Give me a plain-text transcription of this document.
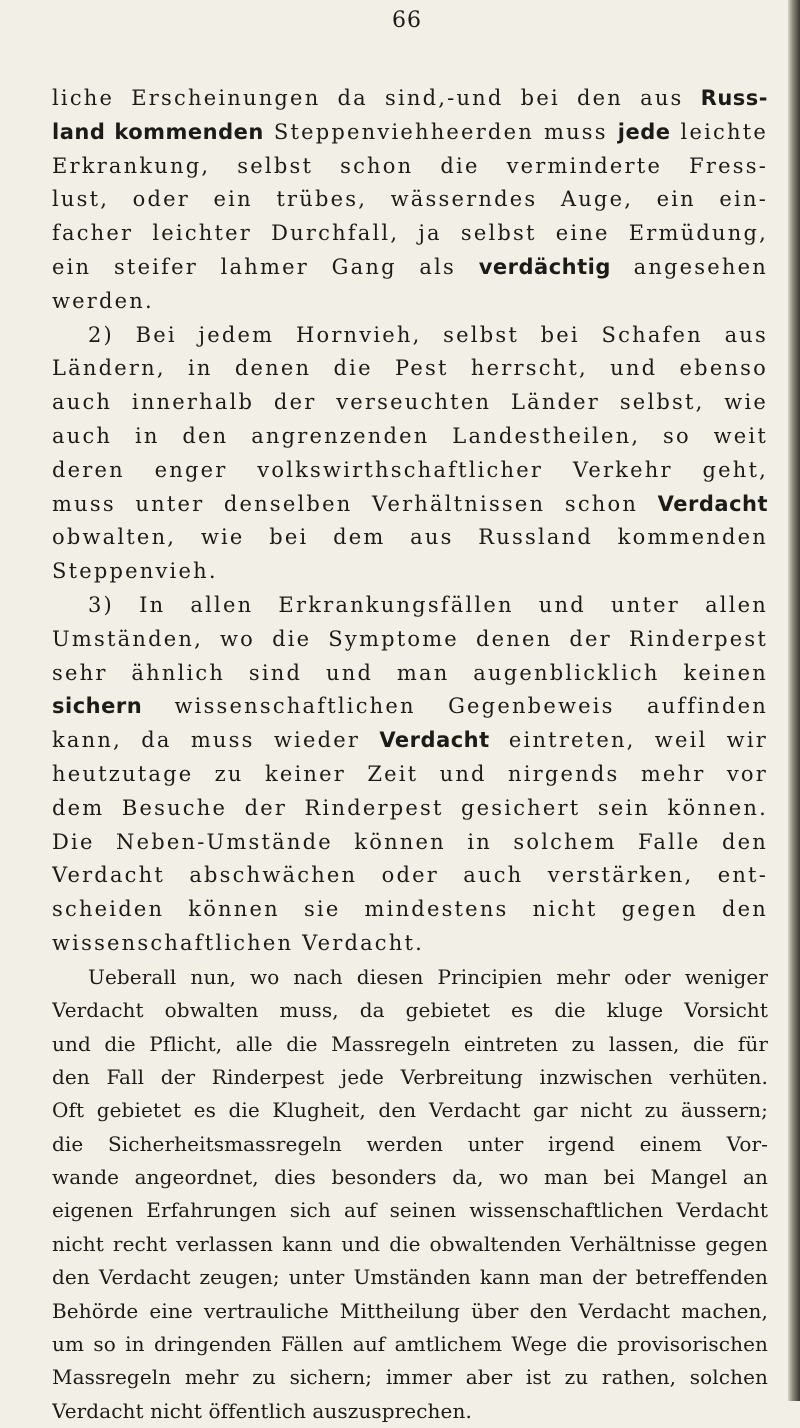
66
liche Erscheinungen da sind,-und bei den aus Russ-
land kommenden Steppenviehheerden muss jede leichte
Erkrankung, selbst schon die verminderte Fress-
lust, oder ein trübes, wässerndes Auge, ein ein-
facher leichter Durchfall, ja selbst eine Ermüdung,
ein steifer lahmer Gang als verdächtig angesehen
werden.
2) Bei jedem Hornvieh, selbst bei Schafen aus
Ländern, in denen die Pest herrscht, und ebenso
auch innerhalb der verseuchten Länder selbst, wie
auch in den angrenzenden Landestheilen, so weit
deren enger volkswirthschaftlicher Verkehr geht,
muss unter denselben Verhältnissen schon Verdacht
obwalten, wie bei dem aus Russland kommenden
Steppenvieh.
3) In allen Erkrankungsfällen und unter allen
Umständen, wo die Symptome denen der Rinderpest
sehr ähnlich sind und man augenblicklich keinen
sichern wissenschaftlichen Gegenbeweis auffinden
kann, da muss wieder Verdacht eintreten, weil wir
heutzutage zu keiner Zeit und nirgends mehr vor
dem Besuche der Rinderpest gesichert sein können.
Die Neben-Umstände können in solchem Falle den
Verdacht abschwächen oder auch verstärken, ent-
scheiden können sie mindestens nicht gegen den
wissenschaftlichen Verdacht.
Ueberall nun, wo nach diesen Principien mehr oder weniger
Verdacht obwalten muss, da gebietet es die kluge Vorsicht
und die Pflicht, alle die Massregeln eintreten zu lassen, die für
den Fall der Rinderpest jede Verbreitung inzwischen verhüten.
Oft gebietet es die Klugheit, den Verdacht gar nicht zu äussern;
die Sicherheitsmassregeln werden unter irgend einem Vor-
wande angeordnet, dies besonders da, wo man bei Mangel an
eigenen Erfahrungen sich auf seinen wissenschaftlichen Verdacht
nicht recht verlassen kann und die obwaltenden Verhältnisse gegen
den Verdacht zeugen; unter Umständen kann man der betreffenden
Behörde eine vertrauliche Mittheilung über den Verdacht machen,
um so in dringenden Fällen auf amtlichem Wege die provisorischen
Massregeln mehr zu sichern; immer aber ist zu rathen, solchen
Verdacht nicht öffentlich auszusprechen.
